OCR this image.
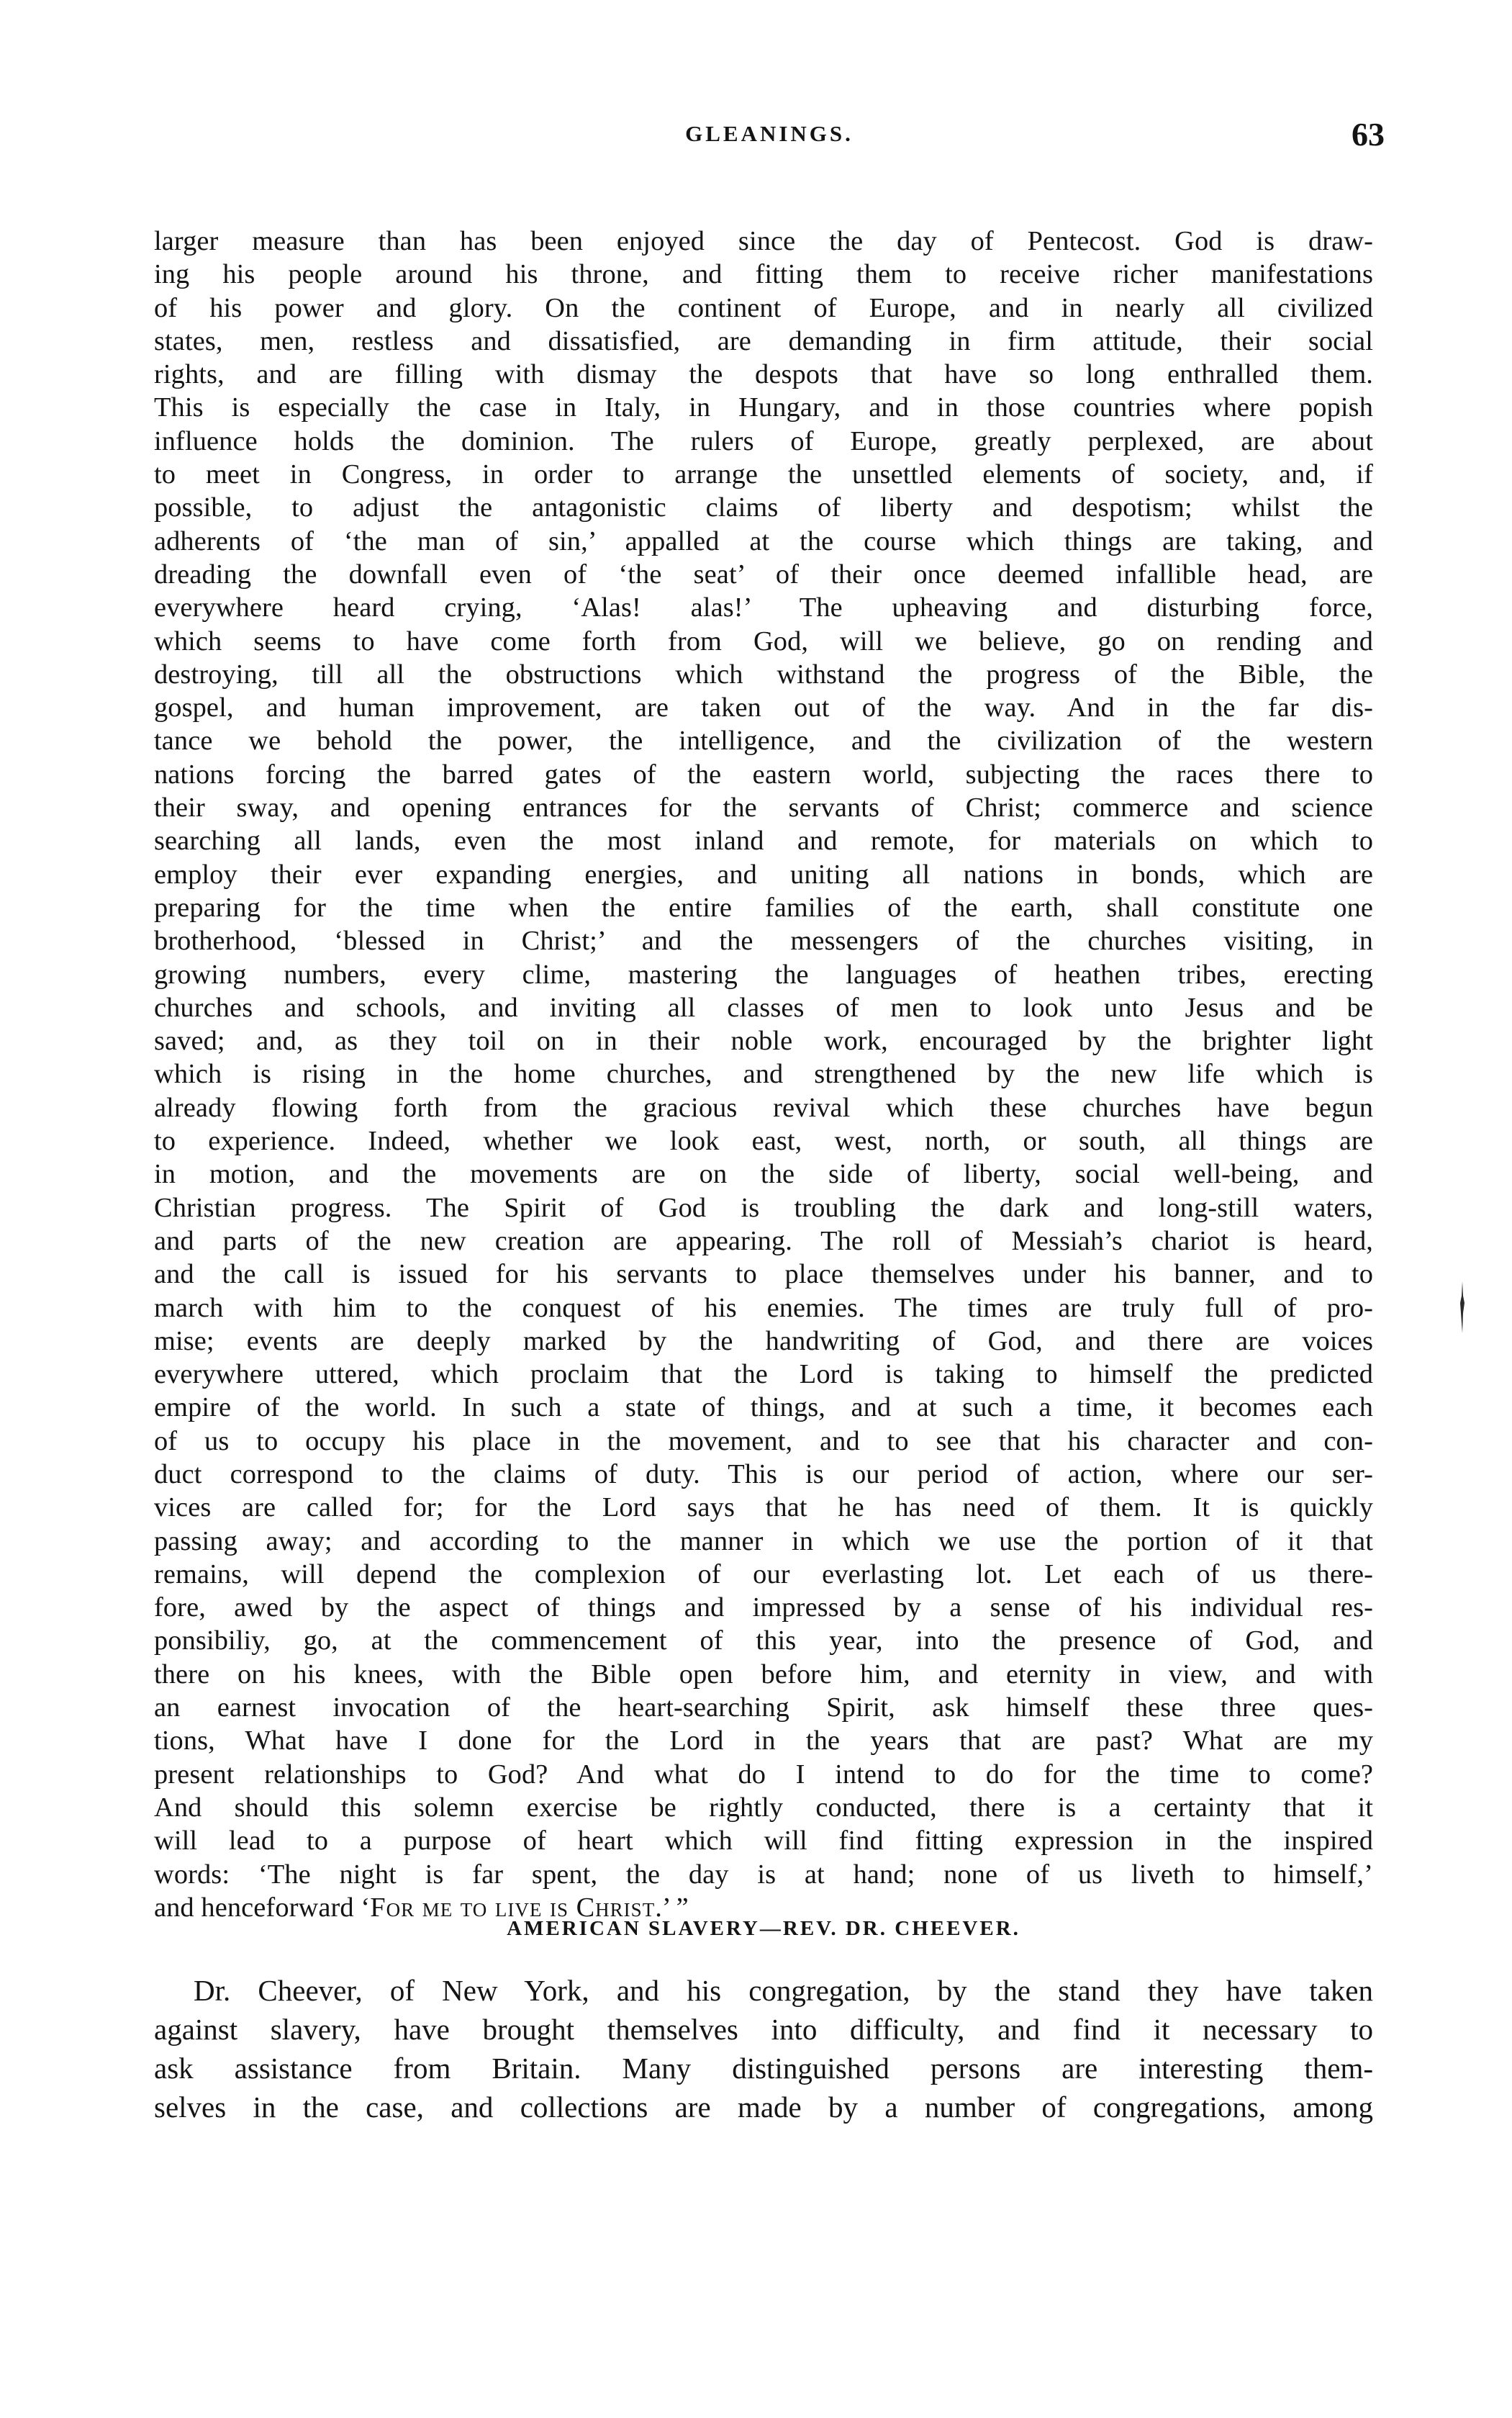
GLEANINGS.	63
larger measure than has been enjoyed since the day of Pentecost. God is draw-
ing his people around his throne, and fitting them to receive richer manifestations
of his power and glory. On the continent of Europe, and in nearly all civilized
states, men, restless and dissatisfied, are demanding in firm attitude, their social
rights, and are filling with dismay the despots that have so long enthralled them.
This is especially the case in Italy, in Hungary, and in those countries where popish
influence holds the dominion. The rulers of Europe, greatly perplexed, are about
to meet in Congress, in order to arrange the unsettled elements of society, and, if
possible, to adjust the antagonistic claims of liberty and despotism; whilst the
adherents of ‘the man of sin,’ appalled at the course which things are taking, and
dreading the downfall even of ‘the seat’ of their once deemed infallible head, are
everywhere heard crying, ‘Alas! alas!’ The upheaving and disturbing force,
which seems to have come forth from God, will we believe, go on rending and
destroying, till all the obstructions which withstand the progress of the Bible, the
gospel, and human improvement, are taken out of the way. And in the far dis-
tance we behold the power, the intelligence, and the civilization of the western
nations forcing the barred gates of the eastern world, subjecting the races there to
their sway, and opening entrances for the servants of Christ; commerce and science
searching all lands, even the most inland and remote, for materials on which to
employ their ever expanding energies, and uniting all nations in bonds, which are
preparing for the time when the entire families of the earth, shall constitute one
brotherhood, ‘blessed in Christ;’ and the messengers of the churches visiting, in
growing numbers, every clime, mastering the languages of heathen tribes, erecting
churches and schools, and inviting all classes of men to look unto Jesus and be
saved; and, as they toil on in their noble work, encouraged by the brighter light
which is rising in the home churches, and strengthened by the new life which is
already flowing forth from the gracious revival which these churches have begun
to experience. Indeed, whether we look east, west, north, or south, all things are
in motion, and the movements are on the side of liberty, social well-being, and
Christian progress. The Spirit of God is troubling the dark and long-still waters,
and parts of the new creation are appearing. The roll of Messiah’s chariot is heard,
and the call is issued for his servants to place themselves under his banner, and to
march with him to the conquest of his enemies. The times are truly full of pro-
mise; events are deeply marked by the handwriting of God, and there are voices
everywhere uttered, which proclaim that the Lord is taking to himself the predicted
empire of the world. In such a state of things, and at such a time, it becomes each
of us to occupy his place in the movement, and to see that his character and con-
duct correspond to the claims of duty. This is our period of action, where our ser-
vices are called for; for the Lord says that he has need of them. It is quickly
passing away; and according to the manner in which we use the portion of it that
remains, will depend the complexion of our everlasting lot. Let each of us there-
fore, awed by the aspect of things and impressed by a sense of his individual res-
ponsibiliy, go, at the commencement of this year, into the presence of God, and
there on his knees, with the Bible open before him, and eternity in view, and with
an earnest invocation of the heart-searching Spirit, ask himself these three ques-
tions, What have I done for the Lord in the years that are past? What are my
present relationships to God? And what do I intend to do for the time to come?
And should this solemn exercise be rightly conducted, there is a certainty that it
will lead to a purpose of heart which will find fitting expression in the inspired
words: ‘The night is far spent, the day is at hand; none of us liveth to himself,’
and henceforward ‘For me to live is Christ.’ ”
AMERICAN SLAVERY—REV. DR. CHEEVER.
Dr. Cheever, of New York, and his congregation, by the stand they have taken
against slavery, have brought themselves into difficulty, and find it necessary to
ask assistance from Britain. Many distinguished persons are interesting them-
selves in the case, and collections are made by a number of congregations, among
